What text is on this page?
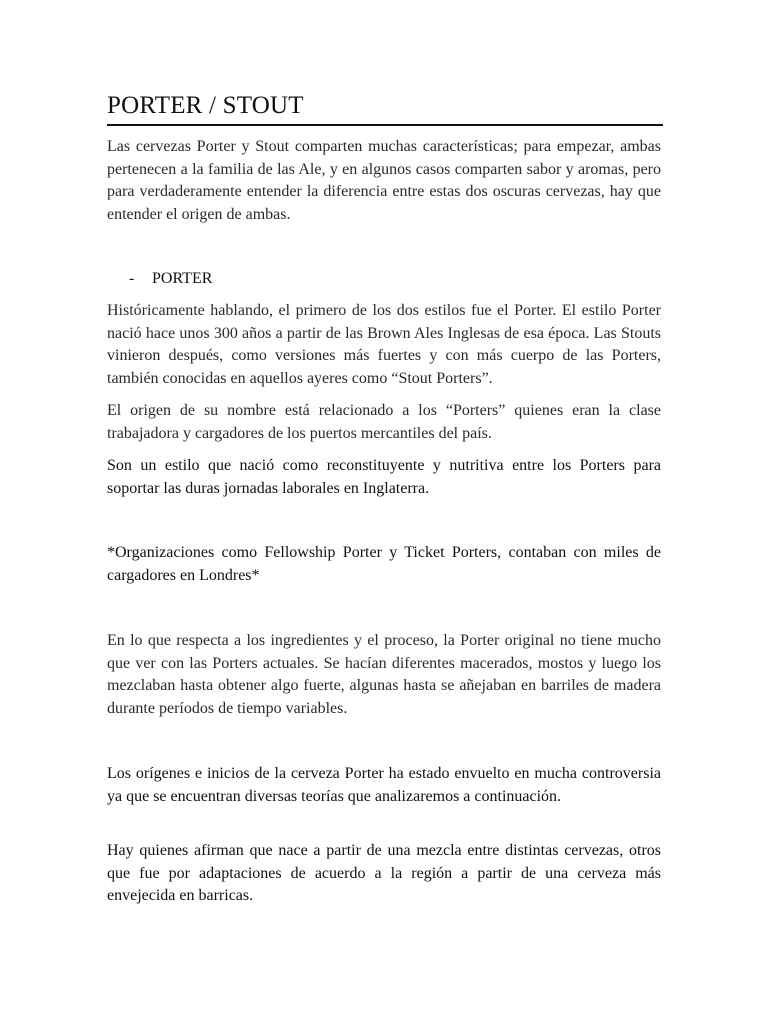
PORTER / STOUT
Las cervezas Porter y Stout comparten muchas características; para empezar, ambas pertenecen a la familia de las Ale, y en algunos casos comparten sabor y aromas, pero para verdaderamente entender la diferencia entre estas dos oscuras cervezas, hay que entender el origen de ambas.
- PORTER
Históricamente hablando, el primero de los dos estilos fue el Porter. El estilo Porter nació hace unos 300 años a partir de las Brown Ales Inglesas de esa época. Las Stouts vinieron después, como versiones más fuertes y con más cuerpo de las Porters, también conocidas en aquellos ayeres como “Stout Porters”.
El origen de su nombre está relacionado a los “Porters” quienes eran la clase trabajadora y cargadores de los puertos mercantiles del país.
Son un estilo que nació como reconstituyente y nutritiva entre los Porters para soportar las duras jornadas laborales en Inglaterra.
*Organizaciones como Fellowship Porter y Ticket Porters, contaban con miles de cargadores en Londres*
En lo que respecta a los ingredientes y el proceso, la Porter original no tiene mucho que ver con las Porters actuales. Se hacían diferentes macerados, mostos y luego los mezclaban hasta obtener algo fuerte, algunas hasta se añejaban en barriles de madera durante períodos de tiempo variables.
Los orígenes e inicios de la cerveza Porter ha estado envuelto en mucha controversia ya que se encuentran diversas teorías que analizaremos a continuación.
Hay quienes afirman que nace a partir de una mezcla entre distintas cervezas, otros que fue por adaptaciones de acuerdo a la región a partir de una cerveza más envejecida en barricas.
